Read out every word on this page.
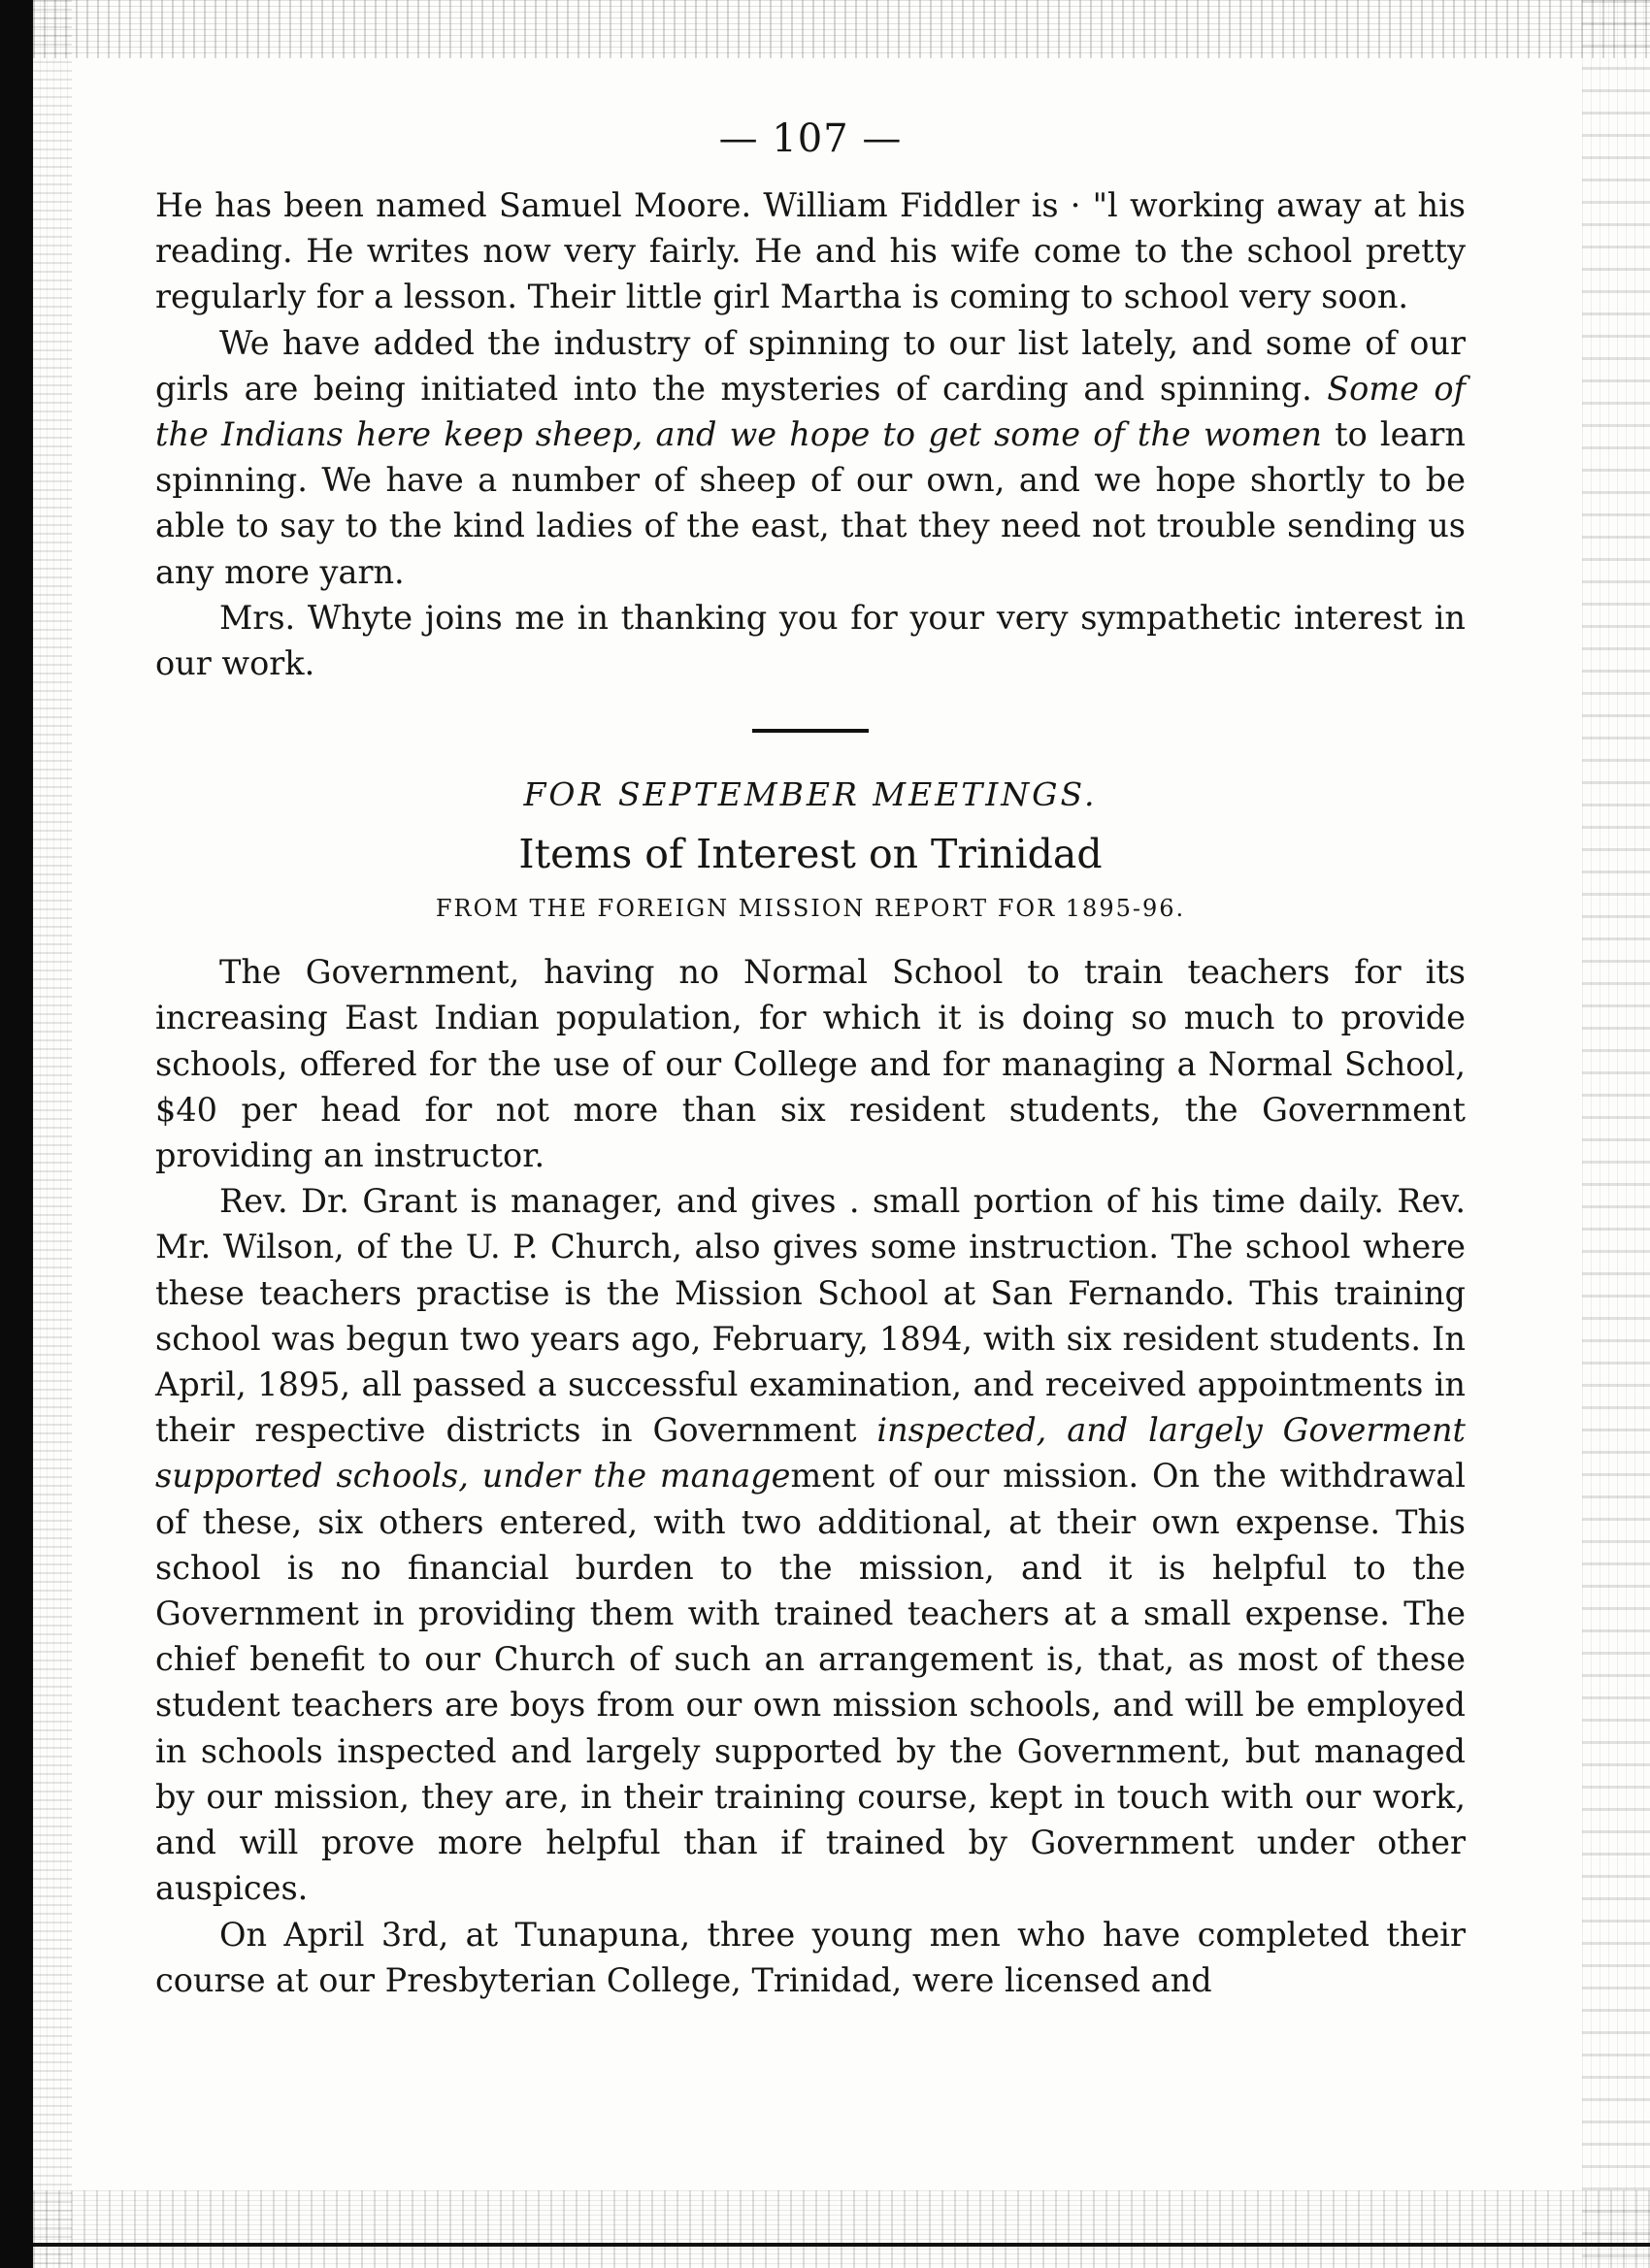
— 107 —

He has been named Samuel Moore. William Fiddler is · "l working away at his reading. He writes now very fairly. He and his wife come to the school pretty regularly for a lesson. Their little girl Martha is coming to school very soon.

We have added the industry of spinning to our list lately, and some of our girls are being initiated into the mysteries of carding and spinning. Some of the Indians here keep sheep, and we hope to get some of the women to learn spinning. We have a number of sheep of our own, and we hope shortly to be able to say to the kind ladies of the east, that they need not trouble sending us any more yarn.

Mrs. Whyte joins me in thanking you for your very sympathetic interest in our work.

FOR SEPTEMBER MEETINGS.
Items of Interest on Trinidad
FROM THE FOREIGN MISSION REPORT FOR 1895-96.

The Government, having no Normal School to train teachers for its increasing East Indian population, for which it is doing so much to provide schools, offered for the use of our College and for managing a Normal School, $40 per head for not more than six resident students, the Government providing an instructor.

Rev. Dr. Grant is manager, and gives . small portion of his time daily. Rev. Mr. Wilson, of the U. P. Church, also gives some instruction. The school where these teachers practise is the Mission School at San Fernando. This training school was begun two years ago, February, 1894, with six resident students. In April, 1895, all passed a successful examination, and received appointments in their respective districts in Government inspected, and largely Goverment supported schools, under the management of our mission. On the withdrawal of these, six others entered, with two additional, at their own expense. This school is no financial burden to the mission, and it is helpful to the Government in providing them with trained teachers at a small expense. The chief benefit to our Church of such an arrangement is, that, as most of these student teachers are boys from our own mission schools, and will be employed in schools inspected and largely supported by the Government, but managed by our mission, they are, in their training course, kept in touch with our work, and will prove more helpful than if trained by Government under other auspices.

On April 3rd, at Tunapuna, three young men who have completed their course at our Presbyterian College, Trinidad, were licensed and
